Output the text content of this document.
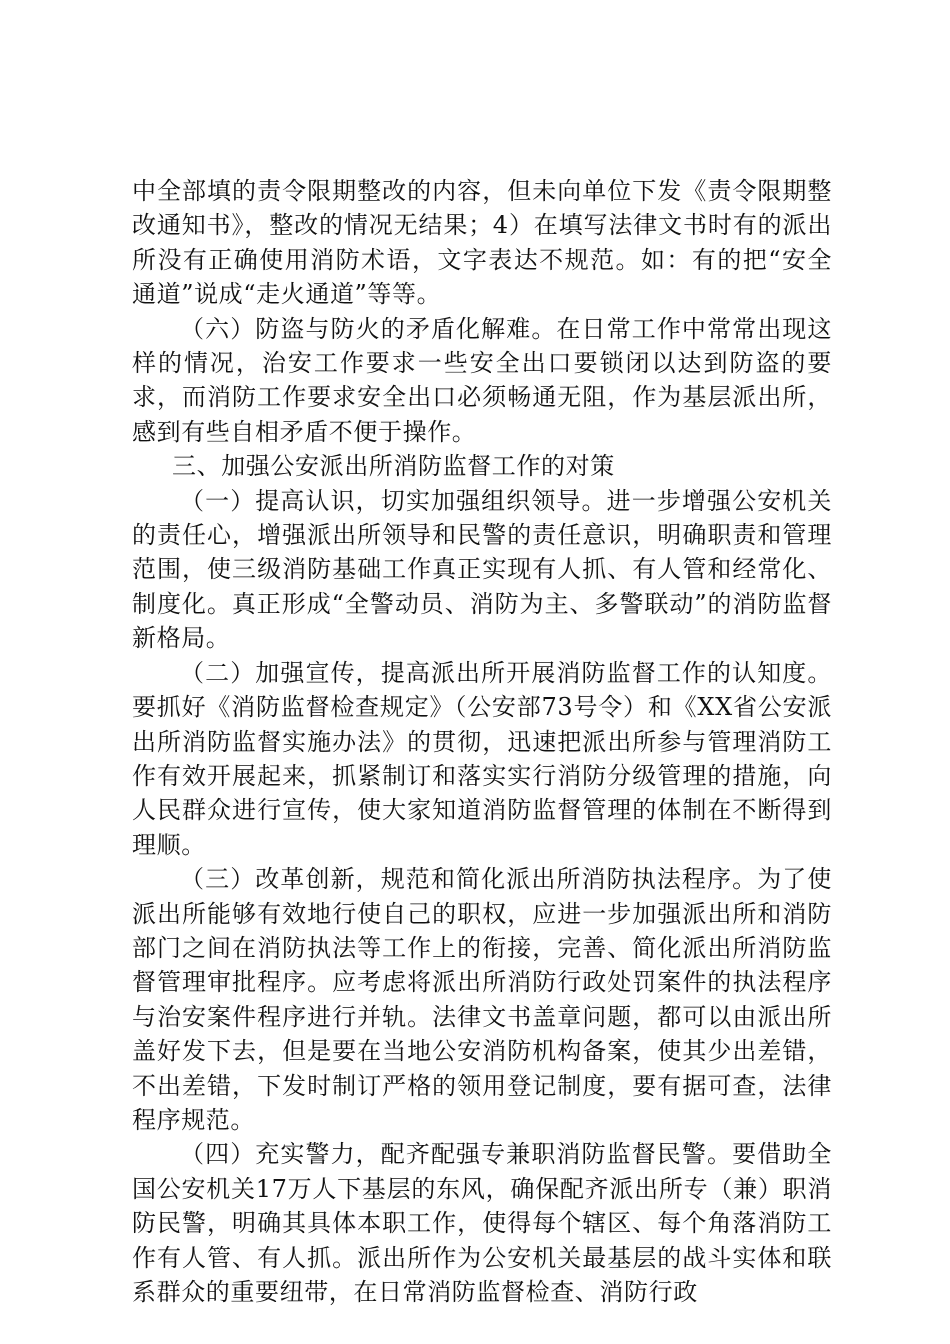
中全部填的责令限期整改的内容，但未向单位下发《责令限期整改通知书》，整改的情况无结果；4）在填写法律文书时有的派出所没有正确使用消防术语，文字表达不规范。如：有的把“安全通道”说成“走火通道”等等。

（六）防盗与防火的矛盾化解难。在日常工作中常常出现这样的情况，治安工作要求一些安全出口要锁闭以达到防盗的要求，而消防工作要求安全出口必须畅通无阻，作为基层派出所，感到有些自相矛盾不便于操作。

三、加强公安派出所消防监督工作的对策

（一）提高认识，切实加强组织领导。进一步增强公安机关的责任心，增强派出所领导和民警的责任意识，明确职责和管理范围，使三级消防基础工作真正实现有人抓、有人管和经常化、制度化。真正形成“全警动员、消防为主、多警联动”的消防监督新格局。

（二）加强宣传，提高派出所开展消防监督工作的认知度。要抓好《消防监督检查规定》（公安部73号令）和《XX省公安派出所消防监督实施办法》的贯彻，迅速把派出所参与管理消防工作有效开展起来，抓紧制订和落实实行消防分级管理的措施，向人民群众进行宣传，使大家知道消防监督管理的体制在不断得到理顺。

（三）改革创新，规范和简化派出所消防执法程序。为了使派出所能够有效地行使自己的职权，应进一步加强派出所和消防部门之间在消防执法等工作上的衔接，完善、简化派出所消防监督管理审批程序。应考虑将派出所消防行政处罚案件的执法程序与治安案件程序进行并轨。法律文书盖章问题，都可以由派出所盖好发下去，但是要在当地公安消防机构备案，使其少出差错，不出差错，下发时制订严格的领用登记制度，要有据可查，法律程序规范。

（四）充实警力，配齐配强专兼职消防监督民警。要借助全国公安机关17万人下基层的东风，确保配齐派出所专（兼）职消防民警，明确其具体本职工作，使得每个辖区、每个角落消防工作有人管、有人抓。派出所作为公安机关最基层的战斗实体和联系群众的重要纽带，在日常消防监督检查、消防行政
